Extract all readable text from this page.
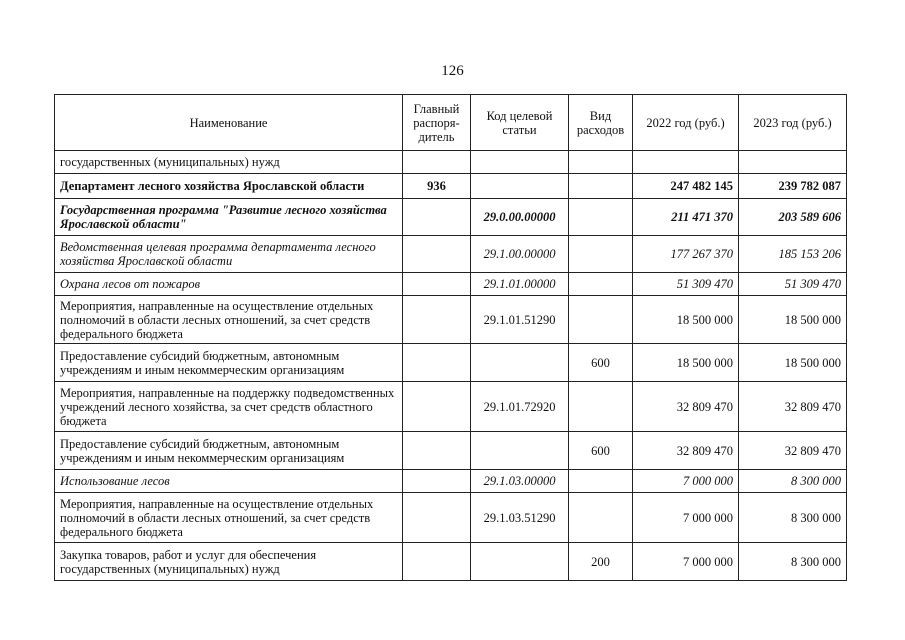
126
Наименование	Главный распоря-дитель	Код целевой статьи	Вид расходов	2022 год (руб.)	2023 год (руб.)
государственных (муниципальных) нужд					
Департамент лесного хозяйства Ярославской области	936			247 482 145	239 782 087
Государственная программа "Развитие лесного хозяйства Ярославской области"		29.0.00.00000		211 471 370	203 589 606
Ведомственная целевая программа департамента лесного хозяйства Ярославской области		29.1.00.00000		177 267 370	185 153 206
Охрана лесов от пожаров		29.1.01.00000		51 309 470	51 309 470
Мероприятия, направленные на осуществление отдельных полномочий в области лесных отношений, за счет средств федерального бюджета		29.1.01.51290		18 500 000	18 500 000
Предоставление субсидий бюджетным, автономным учреждениям и иным некоммерческим организациям			600	18 500 000	18 500 000
Мероприятия, направленные на поддержку подведомственных учреждений лесного хозяйства, за счет средств областного бюджета		29.1.01.72920		32 809 470	32 809 470
Предоставление субсидий бюджетным, автономным учреждениям и иным некоммерческим организациям			600	32 809 470	32 809 470
Использование лесов		29.1.03.00000		7 000 000	8 300 000
Мероприятия, направленные на осуществление отдельных полномочий в области лесных отношений, за счет средств федерального бюджета		29.1.03.51290		7 000 000	8 300 000
Закупка товаров, работ и услуг для обеспечения государственных (муниципальных) нужд			200	7 000 000	8 300 000
